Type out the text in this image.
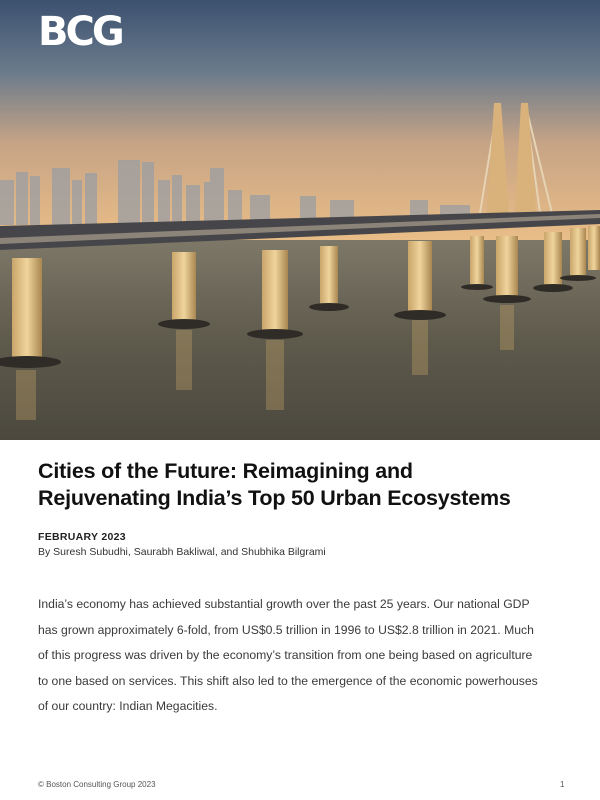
BCG
Cities of the Future: Reimagining and
Rejuvenating India’s Top 50 Urban Ecosystems
FEBRUARY 2023
By Suresh Subudhi, Saurabh Bakliwal, and Shubhika Bilgrami
India’s economy has achieved substantial growth over the past 25 years. Our national GDP
has grown approximately 6-fold, from US$0.5 trillion in 1996 to US$2.8 trillion in 2021. Much
of this progress was driven by the economy’s transition from one being based on agriculture
to one based on services. This shift also led to the emergence of the economic powerhouses
of our country: Indian Megacities.
© Boston Consulting Group 2023	1
